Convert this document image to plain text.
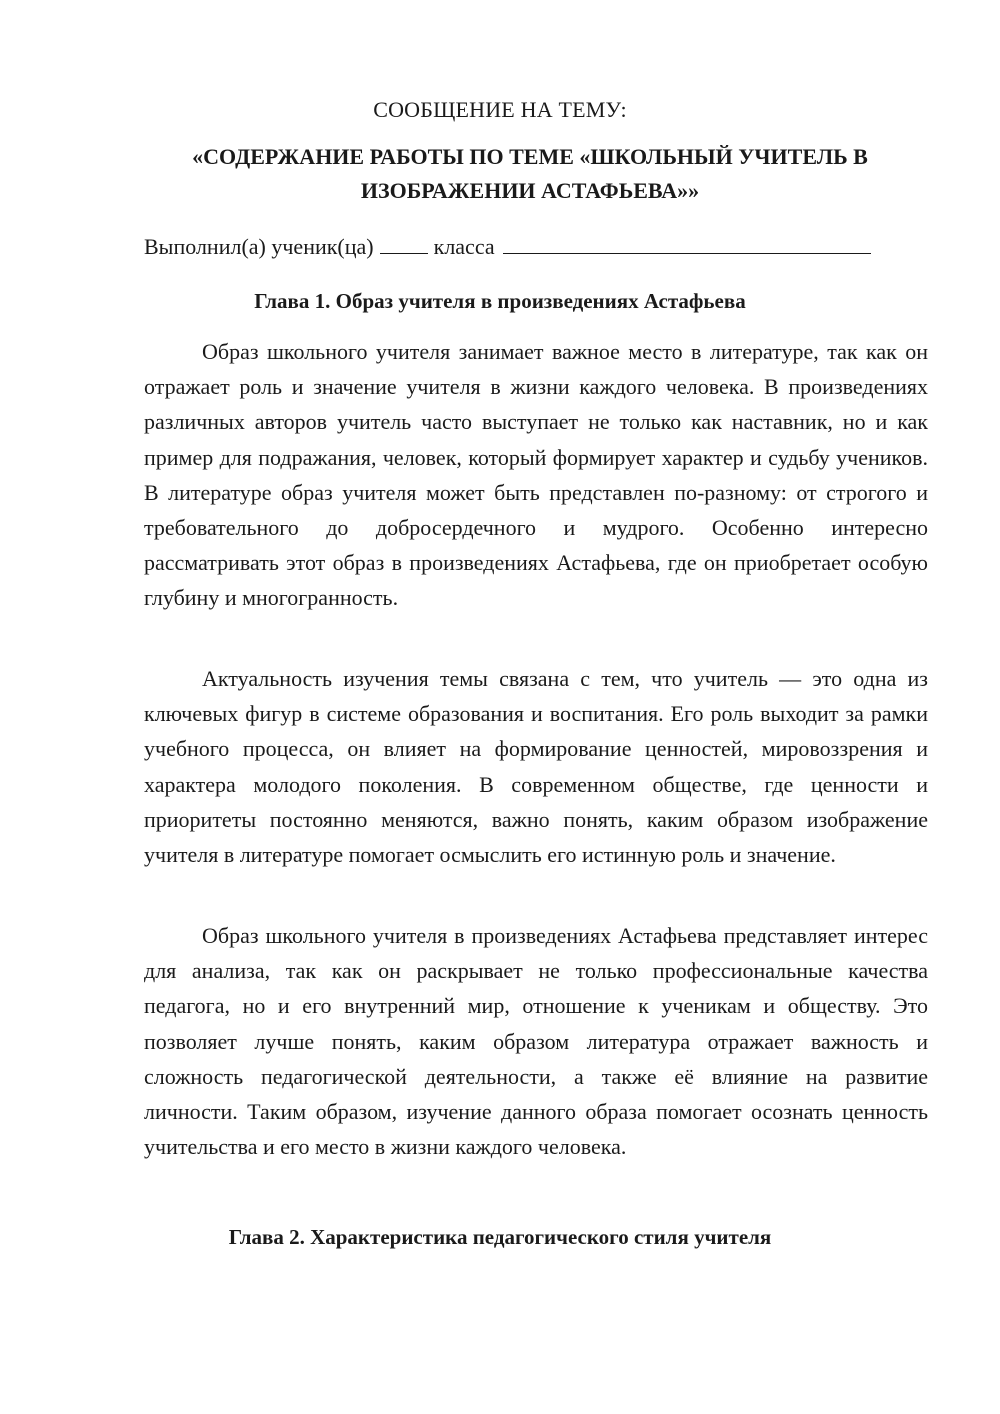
СООБЩЕНИЕ НА ТЕМУ:
«СОДЕРЖАНИЕ РАБОТЫ ПО ТЕМЕ «ШКОЛЬНЫЙ УЧИТЕЛЬ В ИЗОБРАЖЕНИИ АСТАФЬЕВА»»
Выполнил(а) ученик(ца)	класса
Глава 1. Образ учителя в произведениях Астафьева

Образ школьного учителя занимает важное место в литературе, так как он отражает роль и значение учителя в жизни каждого человека. В произведениях различных авторов учитель часто выступает не только как наставник, но и как пример для подражания, человек, который формирует характер и судьбу учеников. В литературе образ учителя может быть представлен по-разному: от строгого и требовательного до добросердечного и мудрого. Особенно интересно рассматривать этот образ в произведениях Астафьева, где он приобретает особую глубину и многогранность.

Актуальность изучения темы связана с тем, что учитель — это одна из ключевых фигур в системе образования и воспитания. Его роль выходит за рамки учебного процесса, он влияет на формирование ценностей, мировоззрения и характера молодого поколения. В современном обществе, где ценности и приоритеты постоянно меняются, важно понять, каким образом изображение учителя в литературе помогает осмыслить его истинную роль и значение.

Образ школьного учителя в произведениях Астафьева представляет интерес для анализа, так как он раскрывает не только профессиональные качества педагога, но и его внутренний мир, отношение к ученикам и обществу. Это позволяет лучше понять, каким образом литература отражает важность и сложность педагогической деятельности, а также её влияние на развитие личности. Таким образом, изучение данного образа помогает осознать ценность учительства и его место в жизни каждого человека.

Глава 2. Характеристика педагогического стиля учителя
